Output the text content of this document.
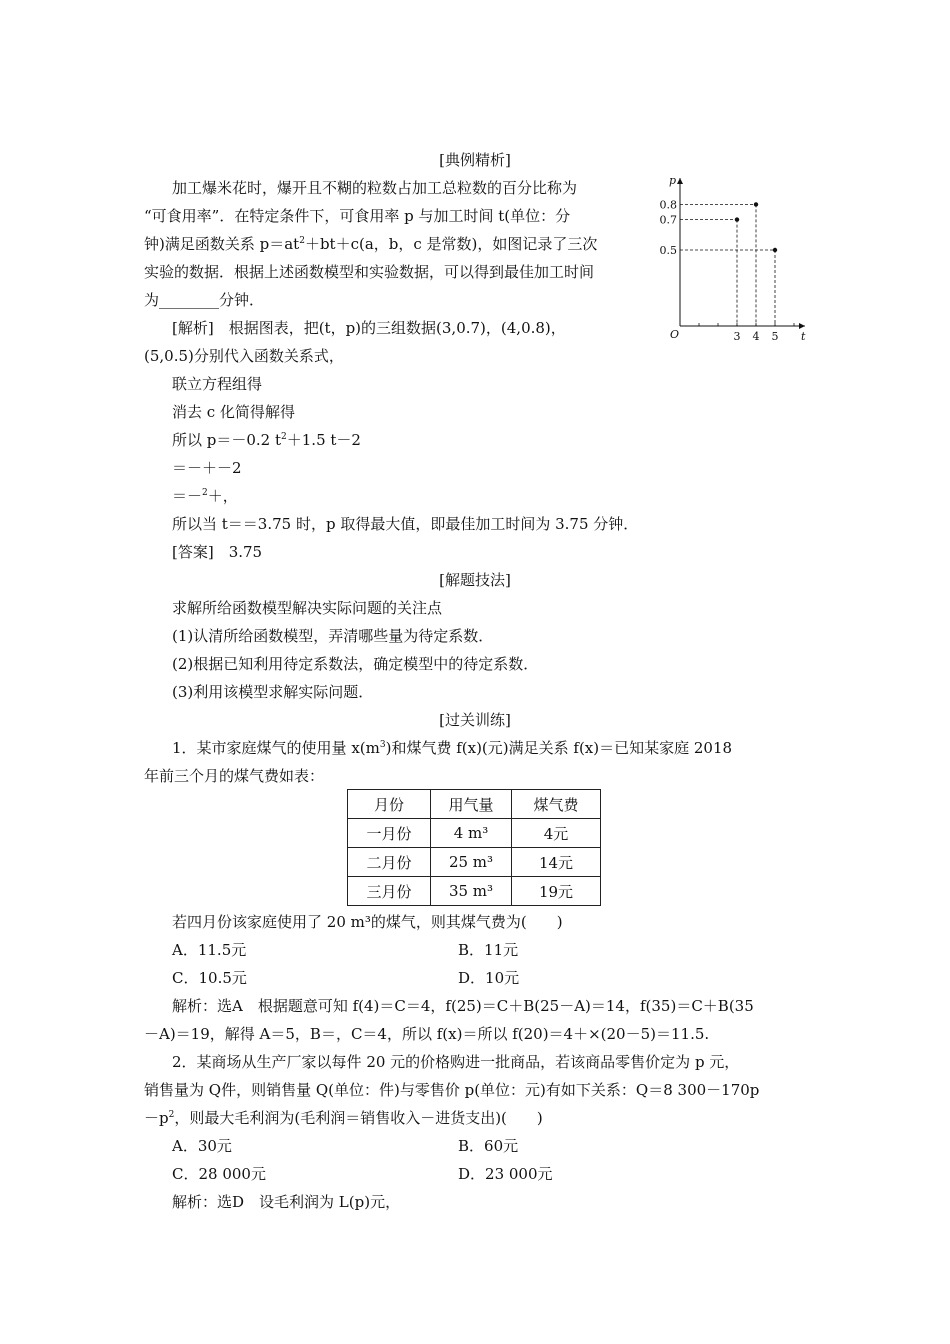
[典例精析]
加工爆米花时，爆开且不糊的粒数占加工总粒数的百分比称为
“可食用率”．在特定条件下，可食用率 p 与加工时间 t(单位：分
钟)满足函数关系 $p=at^2+bt+c(a$，b，c 是常数)，如图记录了三次
实验的数据．根据上述函数模型和实验数据，可以得到最佳加工时间
为________分钟．
t
p
O	3 4 5
0.8
0.7
0.5
[解析]　根据图表，把(t，p)的三组数据(3,0.7)，(4,0.8)，
(5,0.5)分别代入函数关系式，
联立方程组得
消去 c 化简得解得
所以 p＝－0.2 $t^2+1.5$ t－2
＝－＋－2
＝－$^2$＋，
所以当 t＝＝3.75 时，p 取得最大值，即最佳加工时间为 3.75 分钟．
[答案]　3.75
[解题技法]
求解所给函数模型解决实际问题的关注点
(1)认清所给函数模型，弄清哪些量为待定系数．
(2)根据已知利用待定系数法，确定模型中的待定系数．
(3)利用该模型求解实际问题．
[过关训练]
1．某市家庭煤气的使用量 $x(m^3)$和煤气费 f(x)(元)满足关系 f(x)＝已知某家庭 2018
年前三个月的煤气费如表：
月份	用气量	煤气费
一月份	4 m³	4元
二月份	25 m³	14元
三月份	35 m³	19元
若四月份该家庭使用了 20 m³的煤气，则其煤气费为(　　)
A．11.5元	B．11元
C．10.5元	D．10元
解析：选A　根据题意可知 f(4)＝C＝4，f(25)＝C＋B(25－A)＝14，f(35)＝C＋B(35
－A)＝19，解得 A＝5，B＝，C＝4，所以 f(x)＝所以 f(20)＝4＋×(20－5)＝11.5.
2．某商场从生产厂家以每件 20 元的价格购进一批商品，若该商品零售价定为 p 元，
销售量为 Q件，则销售量 Q(单位：件)与零售价 p(单位：元)有如下关系：Q＝8 300－170p
$-p^2$，则最大毛利润为(毛利润＝销售收入－进货支出)(　　)
A．30元	B．60元
C．28 000元	D．23 000元
解析：选D　设毛利润为 L(p)元，
